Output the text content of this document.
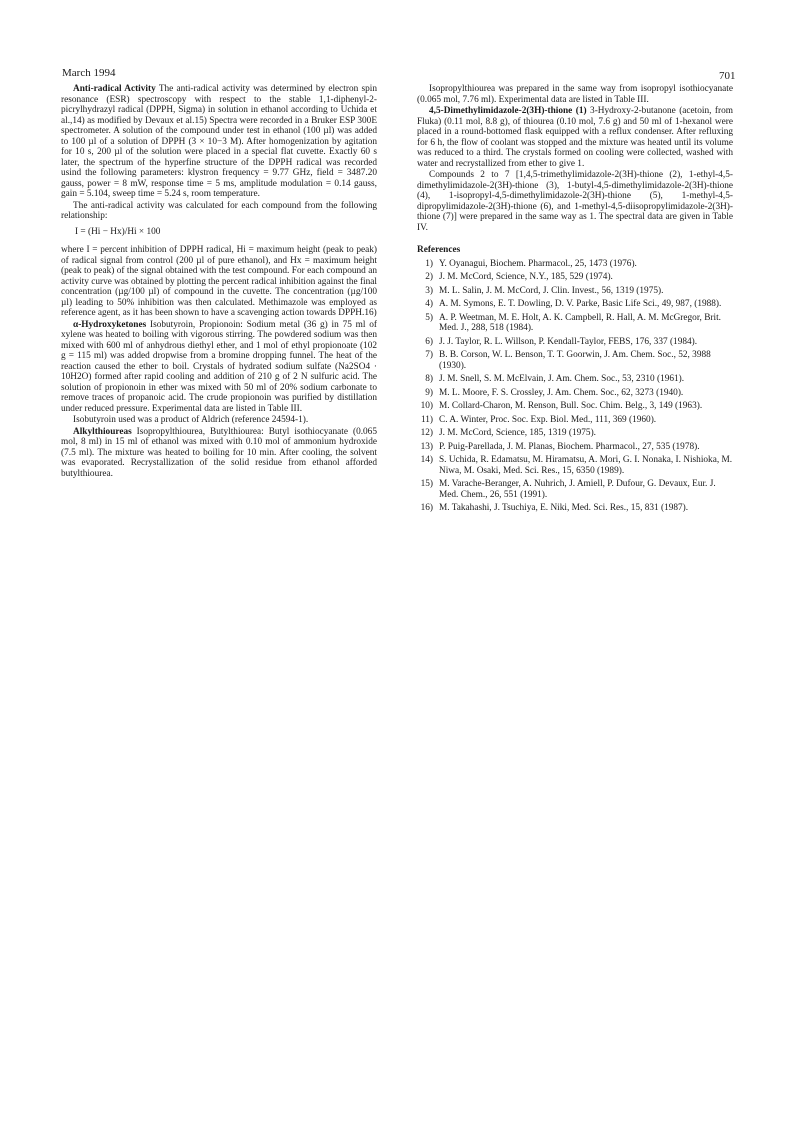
March 1994	701

Anti-radical Activity The anti-radical activity was determined by electron spin resonance (ESR) spectroscopy with respect to the stable 1,1-diphenyl-2-picrylhydrazyl radical (DPPH, Sigma) in solution in ethanol according to Uchida et al.,14) as modified by Devaux et al.15) Spectra were recorded in a Bruker ESP 300E spectrometer. A solution of the compound under test in ethanol (100 µl) was added to 100 µl of a solution of DPPH (3 × 10−3 M). After homogenization by agitation for 10 s, 200 µl of the solution were placed in a special flat cuvette. Exactly 60 s later, the spectrum of the hyperfine structure of the DPPH radical was recorded usind the following parameters: klystron frequency = 9.77 GHz, field = 3487.20 gauss, power = 8 mW, response time = 5 ms, amplitude modulation = 0.14 gauss, gain = 5.104, sweep time = 5.24 s, room temperature.

The anti-radical activity was calculated for each compound from the following relationship:

I = (Hi − Hx)/Hi × 100

where I = percent inhibition of DPPH radical, Hi = maximum height (peak to peak) of radical signal from control (200 µl of pure ethanol), and Hx = maximum height (peak to peak) of the signal obtained with the test compound. For each compound an activity curve was obtained by plotting the percent radical inhibition against the final concentration (µg/100 µl) of compound in the cuvette. The concentration (µg/100 µl) leading to 50% inhibition was then calculated. Methimazole was employed as reference agent, as it has been shown to have a scavenging action towards DPPH.16)

α-Hydroxyketones Isobutyroin, Propionoin: Sodium metal (36 g) in 75 ml of xylene was heated to boiling with vigorous stirring. The powdered sodium was then mixed with 600 ml of anhydrous diethyl ether, and 1 mol of ethyl propionoate (102 g = 115 ml) was added dropwise from a bromine dropping funnel. The heat of the reaction caused the ether to boil. Crystals of hydrated sodium sulfate (Na2SO4 · 10H2O) formed after rapid cooling and addition of 210 g of 2 N sulfuric acid. The solution of propionoin in ether was mixed with 50 ml of 20% sodium carbonate to remove traces of propanoic acid. The crude propionoin was purified by distillation under reduced pressure. Experimental data are listed in Table III.

Isobutyroin used was a product of Aldrich (reference 24594-1).

Alkylthioureas Isopropylthiourea, Butylthiourea: Butyl isothiocyanate (0.065 mol, 8 ml) in 15 ml of ethanol was mixed with 0.10 mol of ammonium hydroxide (7.5 ml). The mixture was heated to boiling for 10 min. After cooling, the solvent was evaporated. Recrystallization of the solid residue from ethanol afforded butylthiourea.

Isopropylthiourea was prepared in the same way from isopropyl isothiocyanate (0.065 mol, 7.76 ml). Experimental data are listed in Table III.

4,5-Dimethylimidazole-2(3H)-thione (1) 3-Hydroxy-2-butanone (acetoin, from Fluka) (0.11 mol, 8.8 g), of thiourea (0.10 mol, 7.6 g) and 50 ml of 1-hexanol were placed in a round-bottomed flask equipped with a reflux condenser. After refluxing for 6 h, the flow of coolant was stopped and the mixture was heated until its volume was reduced to a third. The crystals formed on cooling were collected, washed with water and recrystallized from ether to give 1.

Compounds 2 to 7 [1,4,5-trimethylimidazole-2(3H)-thione (2), 1-ethyl-4,5-dimethylimidazole-2(3H)-thione (3), 1-butyl-4,5-dimethylimidazole-2(3H)-thione (4), 1-isopropyl-4,5-dimethylimidazole-2(3H)-thione (5), 1-methyl-4,5-dipropylimidazole-2(3H)-thione (6), and 1-methyl-4,5-diisopropylimidazole-2(3H)-thione (7)] were prepared in the same way as 1. The spectral data are given in Table IV.

References
1) Y. Oyanagui, Biochem. Pharmacol., 25, 1473 (1976).
2) J. M. McCord, Science, N.Y., 185, 529 (1974).
3) M. L. Salin, J. M. McCord, J. Clin. Invest., 56, 1319 (1975).
4) A. M. Symons, E. T. Dowling, D. V. Parke, Basic Life Sci., 49, 987, (1988).
5) A. P. Weetman, M. E. Holt, A. K. Campbell, R. Hall, A. M. McGregor, Brit. Med. J., 288, 518 (1984).
6) J. J. Taylor, R. L. Willson, P. Kendall-Taylor, FEBS, 176, 337 (1984).
7) B. B. Corson, W. L. Benson, T. T. Goorwin, J. Am. Chem. Soc., 52, 3988 (1930).
8) J. M. Snell, S. M. McElvain, J. Am. Chem. Soc., 53, 2310 (1961).
9) M. L. Moore, F. S. Crossley, J. Am. Chem. Soc., 62, 3273 (1940).
10) M. Collard-Charon, M. Renson, Bull. Soc. Chim. Belg., 3, 149 (1963).
11) C. A. Winter, Proc. Soc. Exp. Biol. Med., 111, 369 (1960).
12) J. M. McCord, Science, 185, 1319 (1975).
13) P. Puig-Parellada, J. M. Planas, Biochem. Pharmacol., 27, 535 (1978).
14) S. Uchida, R. Edamatsu, M. Hiramatsu, A. Mori, G. I. Nonaka, I. Nishioka, M. Niwa, M. Osaki, Med. Sci. Res., 15, 6350 (1989).
15) M. Varache-Beranger, A. Nuhrich, J. Amiell, P. Dufour, G. Devaux, Eur. J. Med. Chem., 26, 551 (1991).
16) M. Takahashi, J. Tsuchiya, E. Niki, Med. Sci. Res., 15, 831 (1987).
